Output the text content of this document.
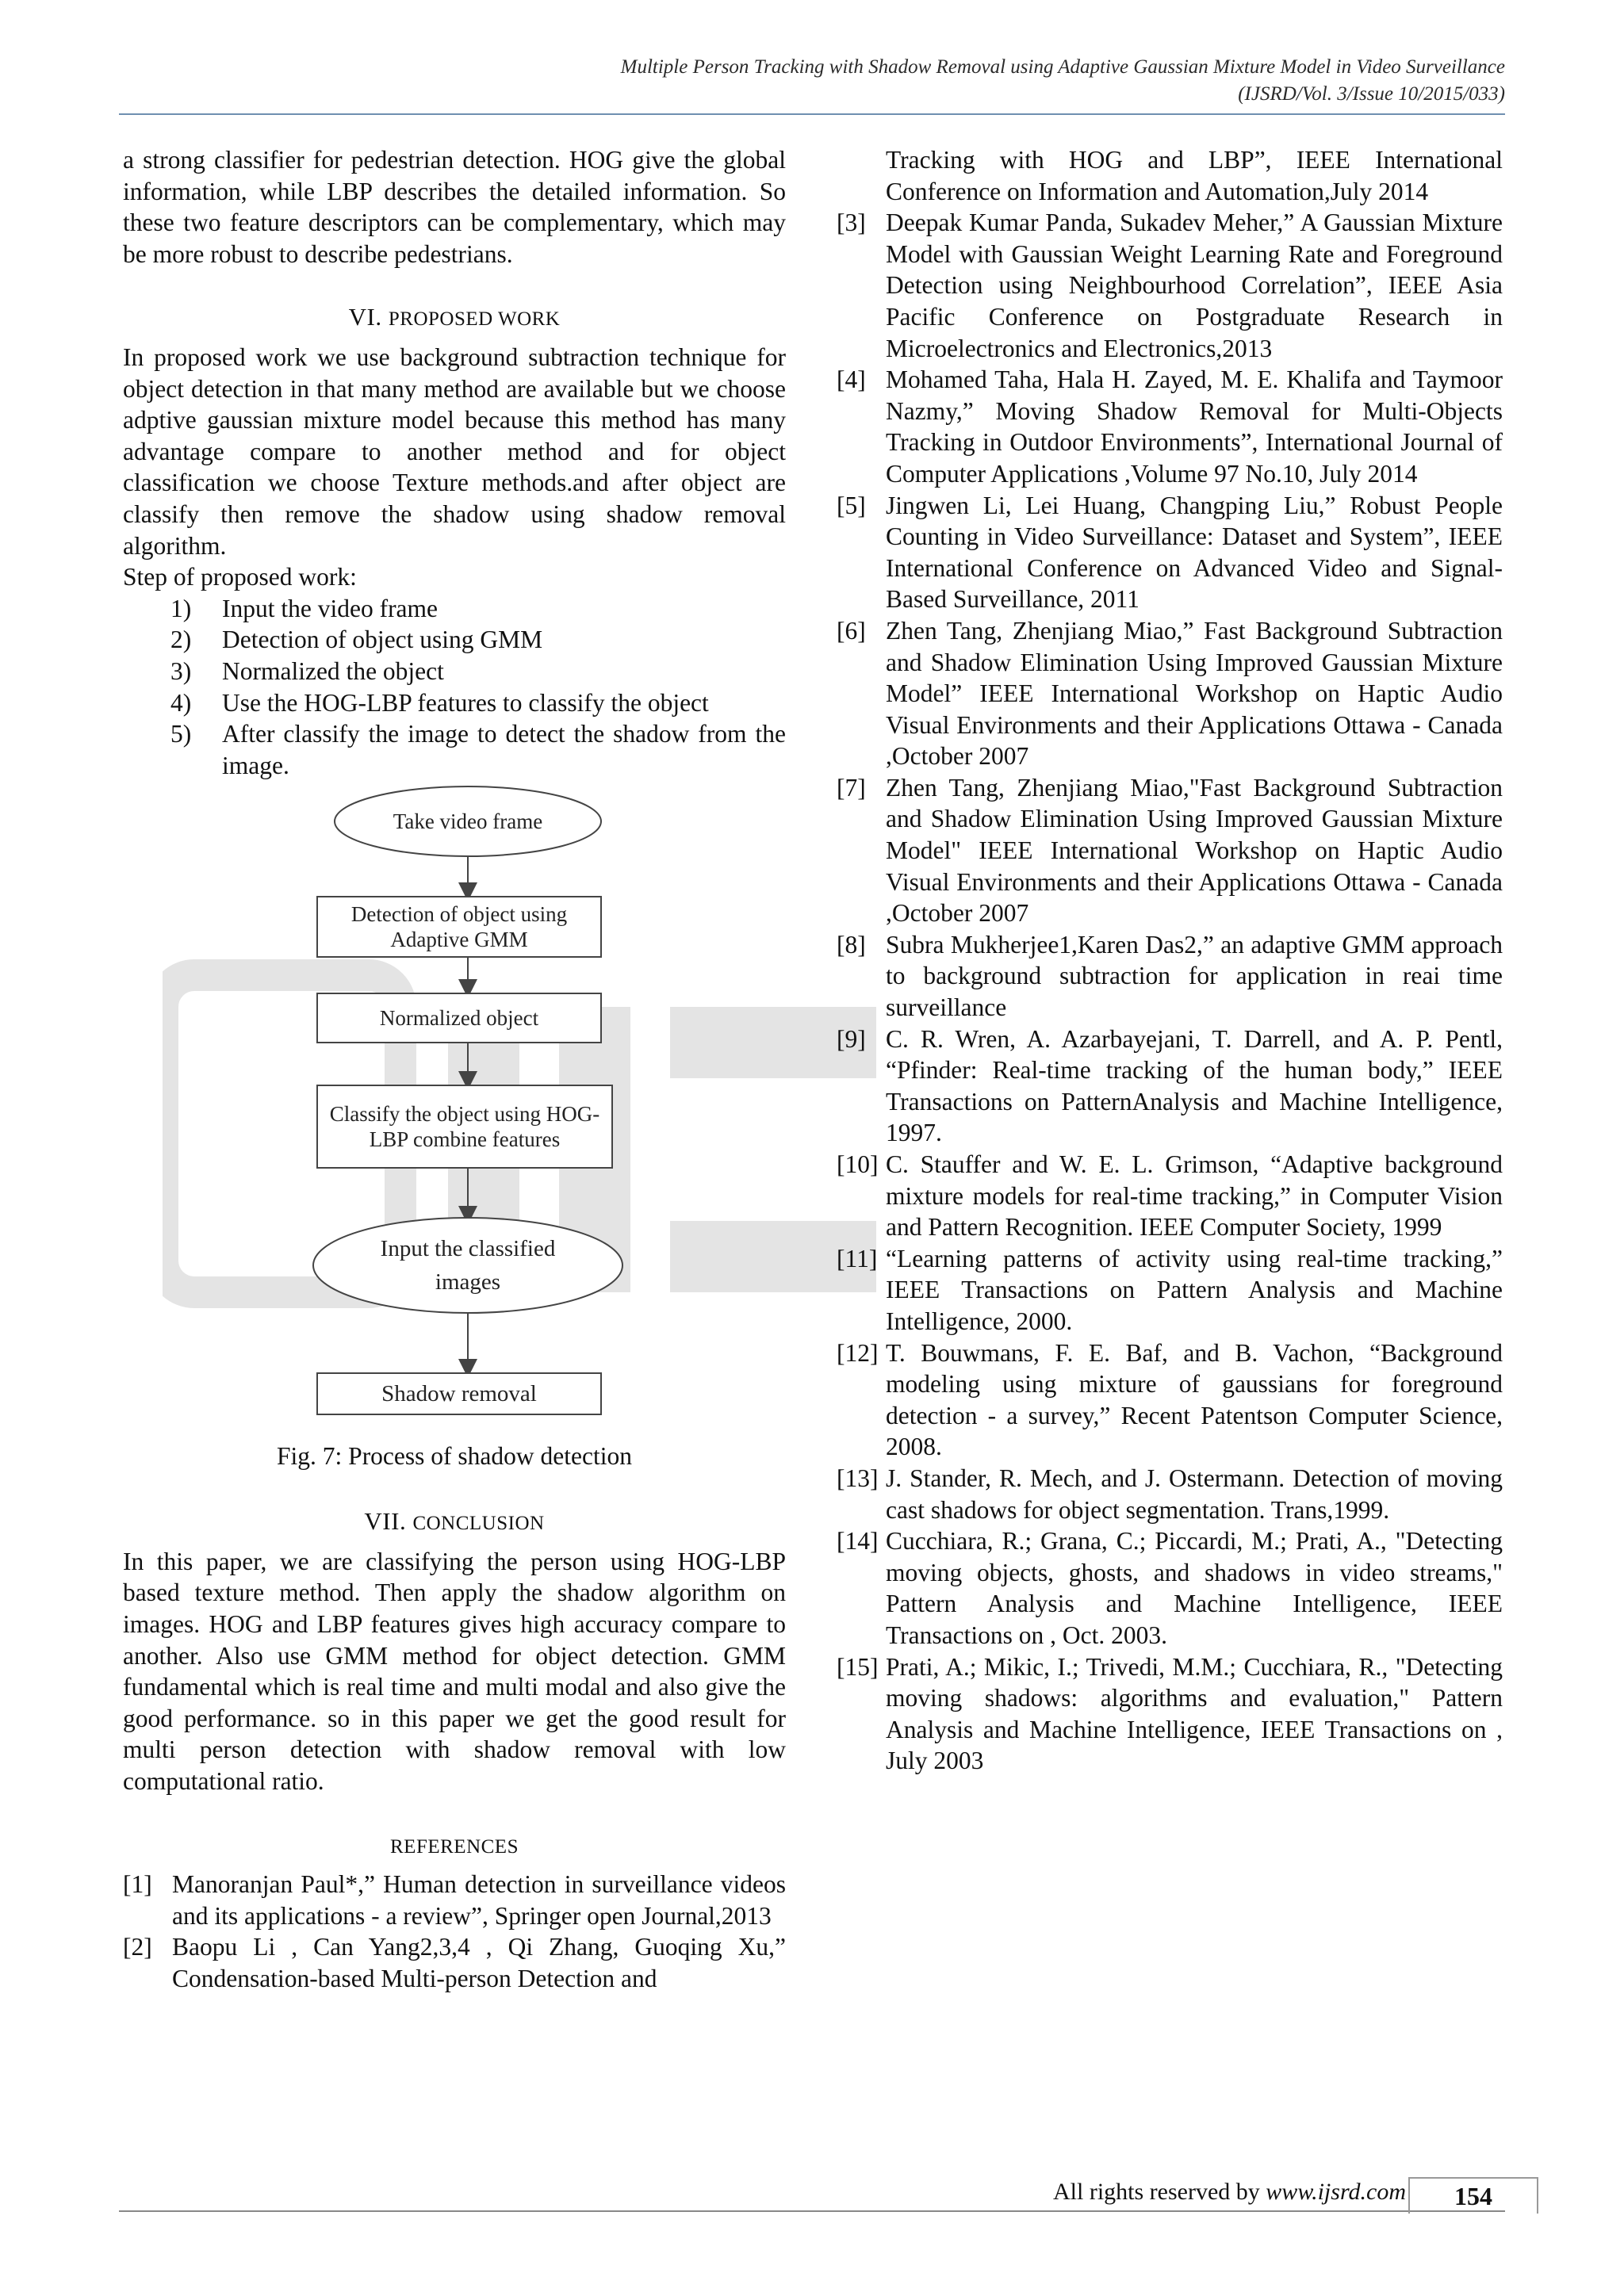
Multiple Person Tracking with Shadow Removal using Adaptive Gaussian Mixture Model in Video Surveillance
(IJSRD/Vol. 3/Issue 10/2015/033)

a strong classifier for pedestrian detection. HOG give the global information, while LBP describes the detailed information. So these two feature descriptors can be complementary, which may be more robust to describe pedestrians.

VI. PROPOSED WORK

In proposed work we use background subtraction technique for object detection in that many method are available but we choose adptive gaussian mixture model because this method has many advantage compare to another method and for object classification we choose Texture methods.and after object are classify then remove the shadow using shadow removal algorithm.

Step of proposed work:

1) Input the video frame
2) Detection of object using GMM
3) Normalized the object
4) Use the HOG-LBP features to classify the object
5) After classify the image to detect the shadow from the image.
Take video frame
Detection of object using Adaptive GMM
Normalized object
Classify the object using HOG-LBP combine features
Input the classified images
Shadow removal
Fig. 7: Process of shadow detection
VII. CONCLUSION

In this paper, we are classifying the person using HOG-LBP based texture method. Then apply the shadow algorithm on images. HOG and LBP features gives high accuracy compare to another. Also use GMM method for object detection. GMM fundamental which is real time and multi modal and also give the good performance. so in this paper we get the good result for multi person detection with shadow removal with low computational ratio.

REFERENCES
[1] Manoranjan Paul*,” Human detection in surveillance videos and its applications - a review”, Springer open Journal,2013
[2] Baopu Li , Can Yang2,3,4 , Qi Zhang, Guoqing Xu,” Condensation-based Multi-person Detection and
Tracking with HOG and LBP”, IEEE International Conference on Information and Automation,July 2014
[3] Deepak Kumar Panda, Sukadev Meher,” A Gaussian Mixture Model with Gaussian Weight Learning Rate and Foreground Detection using Neighbourhood Correlation”, IEEE Asia Pacific Conference on Postgraduate Research in Microelectronics and Electronics,2013
[4] Mohamed Taha, Hala H. Zayed, M. E. Khalifa and Taymoor Nazmy,” Moving Shadow Removal for Multi-Objects Tracking in Outdoor Environments”, International Journal of Computer Applications ,Volume 97 No.10, July 2014
[5] Jingwen Li, Lei Huang, Changping Liu,” Robust People Counting in Video Surveillance: Dataset and System”, IEEE International Conference on Advanced Video and Signal-Based Surveillance, 2011
[6] Zhen Tang, Zhenjiang Miao,” Fast Background Subtraction and Shadow Elimination Using Improved Gaussian Mixture Model” IEEE International Workshop on Haptic Audio Visual Environments and their Applications Ottawa - Canada ,October 2007
[7] Zhen Tang, Zhenjiang Miao,"Fast Background Subtraction and Shadow Elimination Using Improved Gaussian Mixture Model" IEEE International Workshop on Haptic Audio Visual Environments and their Applications Ottawa - Canada ,October 2007
[8] Subra Mukherjee1,Karen Das2,” an adaptive GMM approach to background subtraction for application in reai time surveillance
[9] C. R. Wren, A. Azarbayejani, T. Darrell, and A. P. Pentl, “Pfinder: Real-time tracking of the human body,” IEEE Transactions on PatternAnalysis and Machine Intelligence, 1997.
[10] C. Stauffer and W. E. L. Grimson, “Adaptive background mixture models for real-time tracking,” in Computer Vision and Pattern Recognition. IEEE Computer Society, 1999
[11] “Learning patterns of activity using real-time tracking,” IEEE Transactions on Pattern Analysis and Machine Intelligence, 2000.
[12] T. Bouwmans, F. E. Baf, and B. Vachon, “Background modeling using mixture of gaussians for foreground detection - a survey,” Recent Patentson Computer Science, 2008.
[13] J. Stander, R. Mech, and J. Ostermann. Detection of moving cast shadows for object segmentation. Trans,1999.
[14] Cucchiara, R.; Grana, C.; Piccardi, M.; Prati, A., "Detecting moving objects, ghosts, and shadows in video streams," Pattern Analysis and Machine Intelligence, IEEE Transactions on , Oct. 2003.
[15] Prati, A.; Mikic, I.; Trivedi, M.M.; Cucchiara, R., "Detecting moving shadows: algorithms and evaluation," Pattern Analysis and Machine Intelligence, IEEE Transactions on , July 2003
All rights reserved by www.ijsrd.com	154
